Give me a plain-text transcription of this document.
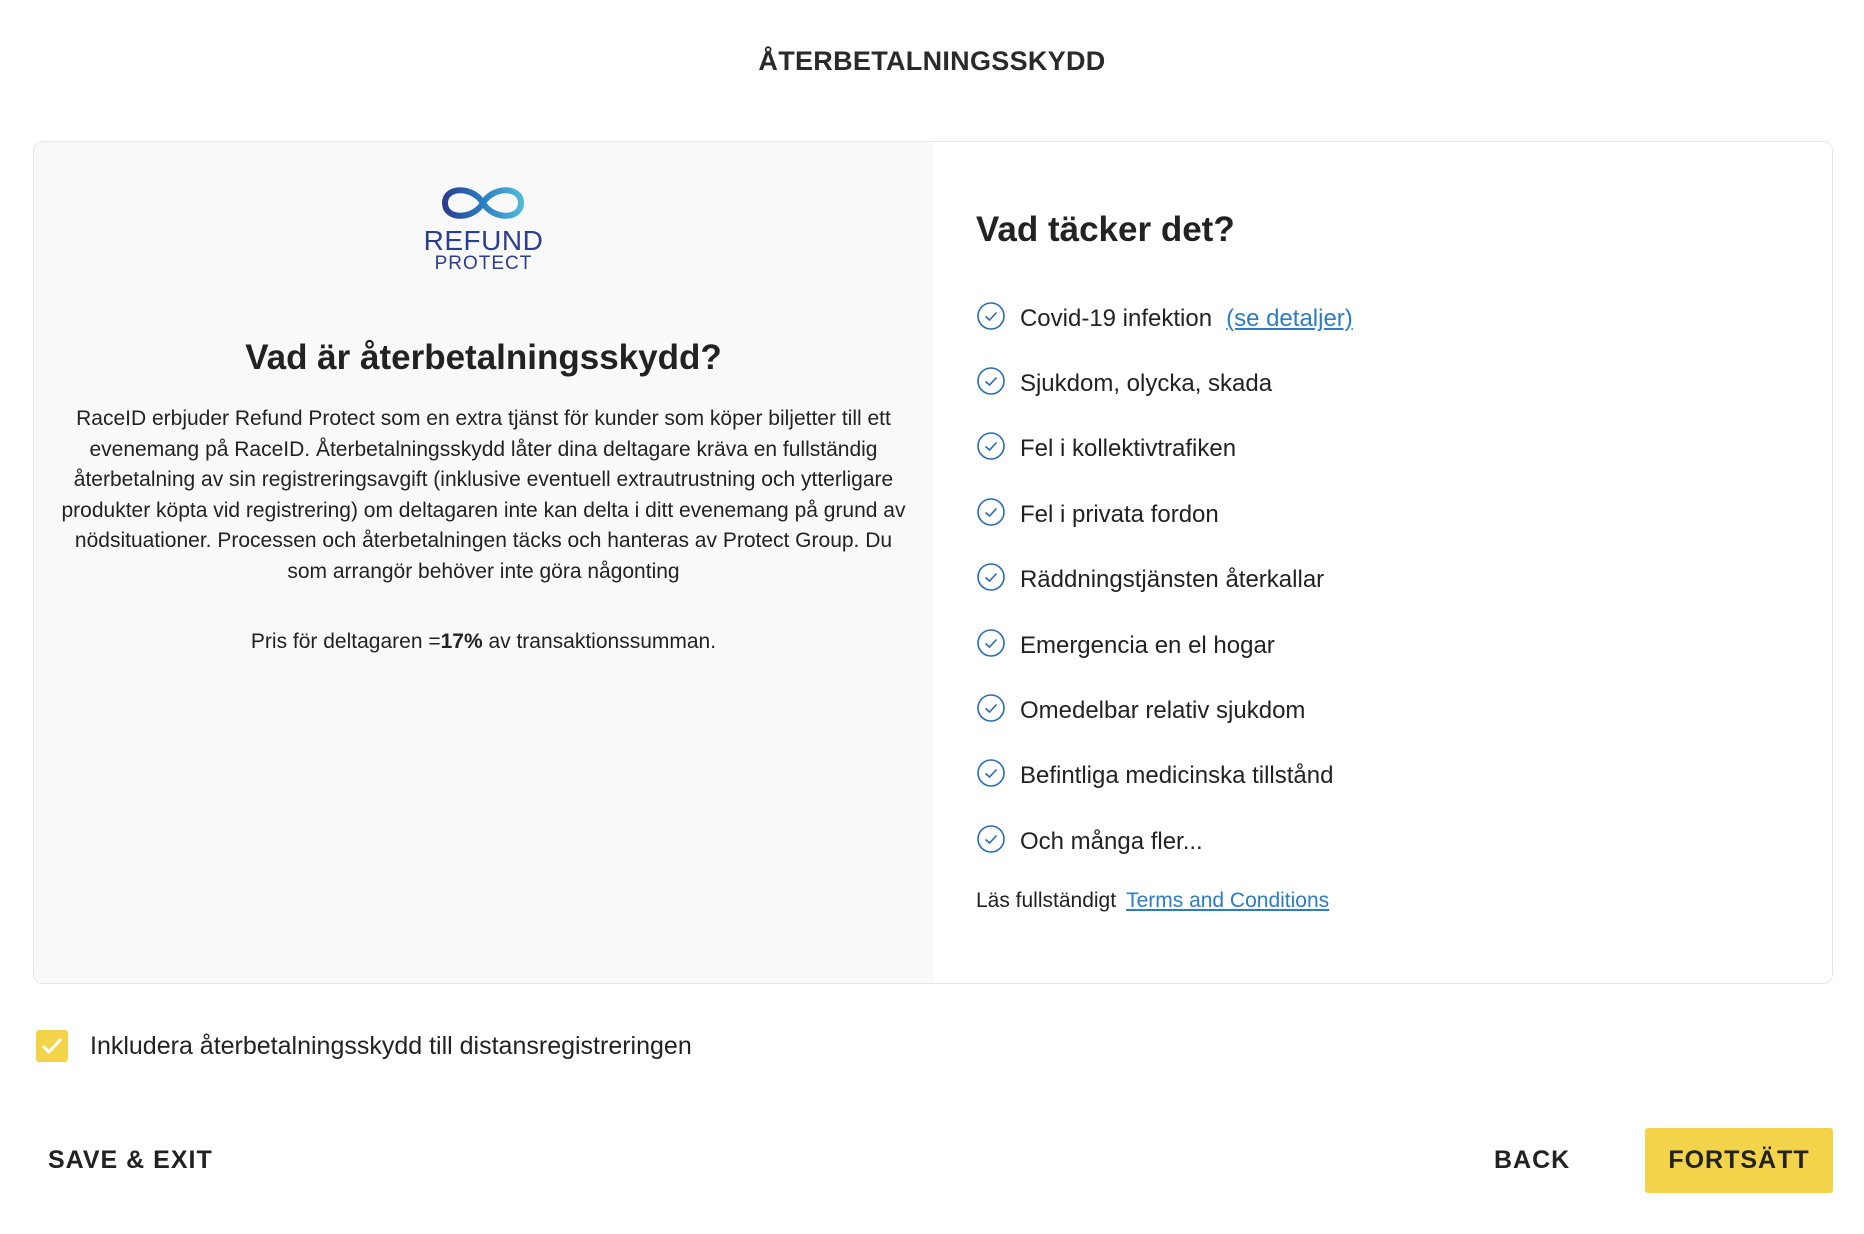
ÅTERBETALNINGSSKYDD
REFUND
PROTECT
Vad är återbetalningsskydd?

RaceID erbjuder Refund Protect som en extra tjänst för kunder som köper biljetter till ett evenemang på RaceID. Återbetalningsskydd låter dina deltagare kräva en fullständig återbetalning av sin registreringsavgift (inklusive eventuell extrautrustning och ytterligare produkter köpta vid registrering) om deltagaren inte kan delta i ditt evenemang på grund av nödsituationer. Processen och återbetalningen täcks och hanteras av Protect Group. Du som arrangör behöver inte göra någonting

Pris för deltagaren =17% av transaktionssumman.

Vad täcker det?
Covid-19 infektion (se detaljer)
Sjukdom, olycka, skada
Fel i kollektivtrafiken
Fel i privata fordon
Räddningstjänsten återkallar
Emergencia en el hogar
Omedelbar relativ sjukdom
Befintliga medicinska tillstånd
Och många fler...

Läs fullständigt Terms and Conditions

Inkludera återbetalningsskydd till distansregistreringen
SAVE & EXIT	BACK	FORTSÄTT
